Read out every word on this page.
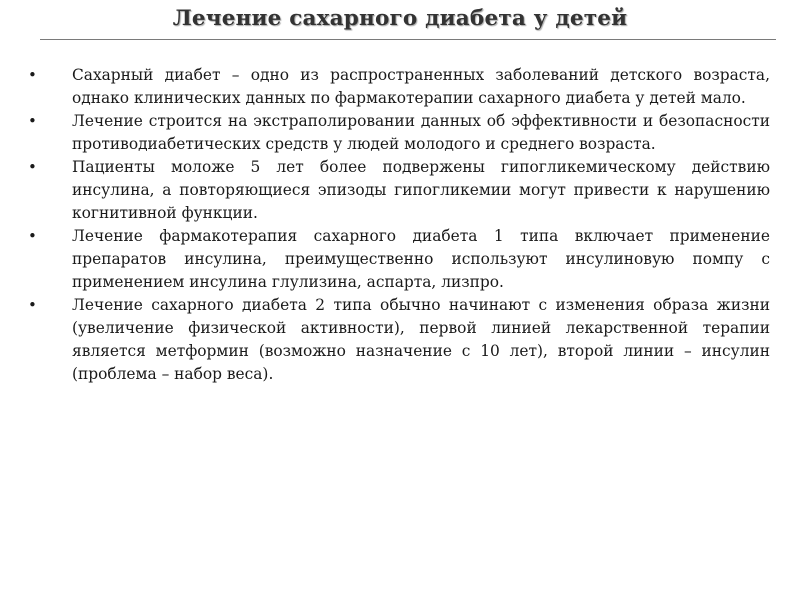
Лечение сахарного диабета у детей
•	Сахарный диабет – одно из распространенных заболеваний детского возраста, однако клинических данных по фармакотерапии сахарного диабета у детей мало.
•	Лечение строится на экстраполировании данных об эффективности и безопасности противодиабетических средств у людей молодого и среднего возраста.
•	Пациенты моложе 5 лет более подвержены гипогликемическому действию инсулина, а повторяющиеся эпизоды гипогликемии могут привести к нарушению когнитивной функции.
•	Лечение фармакотерапия сахарного диабета 1 типа включает применение препаратов инсулина, преимущественно используют инсулиновую помпу с применением инсулина глулизина, аспарта, лизпро.
•	Лечение сахарного диабета 2 типа обычно начинают с изменения образа жизни (увеличение физической активности), первой линией лекарственной терапии является метформин (возможно назначение с 10 лет), второй линии – инсулин (проблема – набор веса).
